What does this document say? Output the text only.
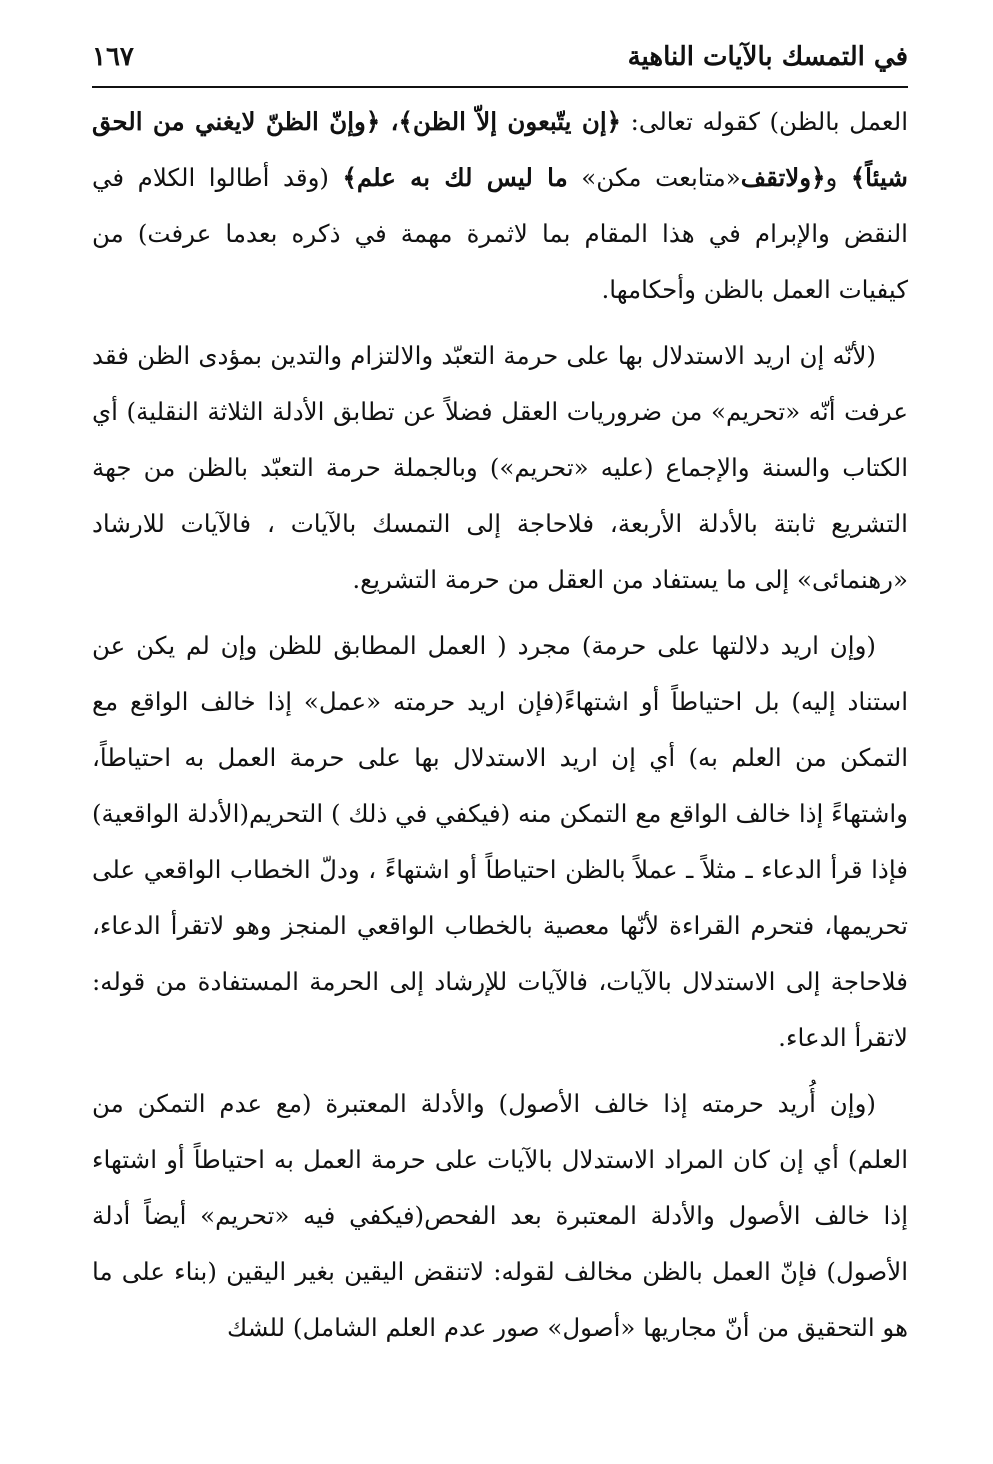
في التمسك بالآيات الناهية
١٦٧

العمل بالظن) كقوله تعالى: ﴿إن يتّبعون إلاّ الظن﴾، ﴿وإنّ الظنّ لايغني من الحق شيئاً﴾ و﴿ولاتقف«متابعت مكن» ما ليس لك به علم﴾ (وقد أطالوا الكلام في النقض والإبرام في هذا المقام بما لاثمرة مهمة في ذكره بعدما عرفت) من كيفيات العمل بالظن وأحكامها.

(لأنّه إن اريد الاستدلال بها على حرمة التعبّد والالتزام والتدين بمؤدى الظن فقد عرفت أنّه «تحريم» من ضروريات العقل فضلاً عن تطابق الأدلة الثلاثة النقلية) أي الكتاب والسنة والإجماع (عليه «تحريم») وبالجملة حرمة التعبّد بالظن من جهة التشريع ثابتة بالأدلة الأربعة، فلاحاجة إلى التمسك بالآيات ، فالآيات للارشاد «رهنمائى» إلى ما يستفاد من العقل من حرمة التشريع.

(وإن اريد دلالتها على حرمة) مجرد ( العمل المطابق للظن وإن لم يكن عن استناد إليه) بل احتياطاً أو اشتهاءً(فإن اريد حرمته «عمل» إذا خالف الواقع مع التمكن من العلم به) أي إن اريد الاستدلال بها على حرمة العمل به احتياطاً، واشتهاءً إذا خالف الواقع مع التمكن منه (فيكفي في ذلك ) التحريم(الأدلة الواقعية) فإذا قرأ الدعاء ـ مثلاً ـ عملاً بالظن احتياطاً أو اشتهاءً ، ودلّ الخطاب الواقعي على تحريمها، فتحرم القراءة لأنّها معصية بالخطاب الواقعي المنجز وهو لاتقرأ الدعاء، فلاحاجة إلى الاستدلال بالآيات، فالآيات للإرشاد إلى الحرمة المستفادة من قوله: لاتقرأ الدعاء.

(وإن أُريد حرمته إذا خالف الأصول) والأدلة المعتبرة (مع عدم التمكن من العلم) أي إن كان المراد الاستدلال بالآيات على حرمة العمل به احتياطاً أو اشتهاء إذا خالف الأصول والأدلة المعتبرة بعد الفحص(فيكفي فيه «تحريم» أيضاً أدلة الأصول) فإنّ العمل بالظن مخالف لقوله: لاتنقض اليقين بغير اليقين (بناء على ما هو التحقيق من أنّ مجاريها «أصول» صور عدم العلم الشامل) للشك
